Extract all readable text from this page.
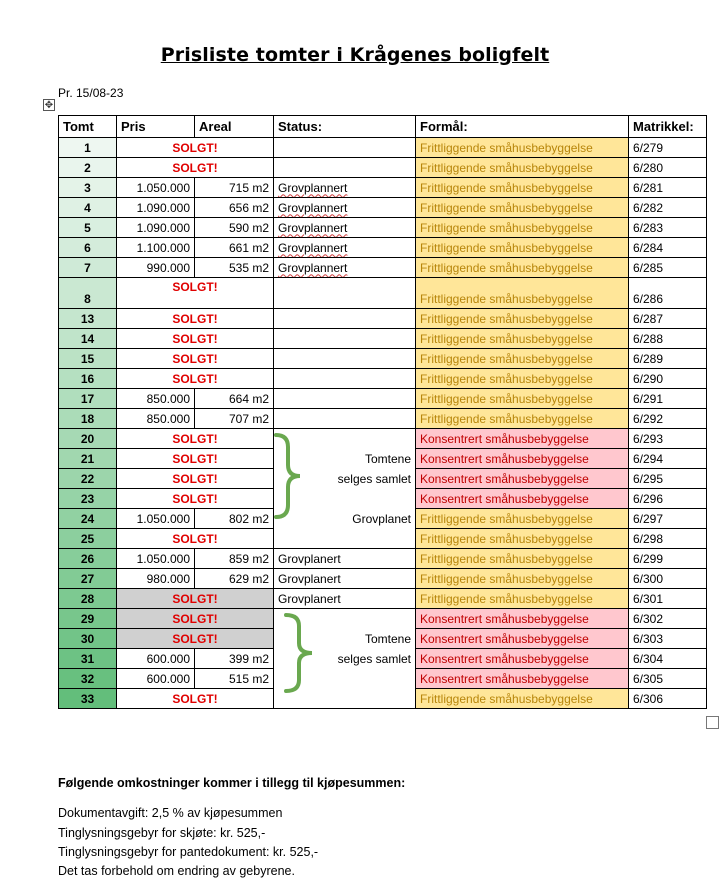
Prisliste tomter i Krågenes boligfelt
Pr. 15/08-23
✥
Tomt	Pris	Areal	Status:	Formål:	Matrikkel:
1	SOLGT!			Frittliggende småhusbebyggelse	6/279
2	SOLGT!			Frittliggende småhusbebyggelse	6/280
3	1.050.000	715 m2	Grovplannert	Frittliggende småhusbebyggelse	6/281
4	1.090.000	656 m2	Grovplannert	Frittliggende småhusbebyggelse	6/282
5	1.090.000	590 m2	Grovplannert	Frittliggende småhusbebyggelse	6/283
6	1.100.000	661 m2	Grovplannert	Frittliggende småhusbebyggelse	6/284
7	990.000	535 m2	Grovplannert	Frittliggende småhusbebyggelse	6/285
8	SOLGT!			Frittliggende småhusbebyggelse	6/286
13	SOLGT!			Frittliggende småhusbebyggelse	6/287
14	SOLGT!			Frittliggende småhusbebyggelse	6/288
15	SOLGT!			Frittliggende småhusbebyggelse	6/289
16	SOLGT!			Frittliggende småhusbebyggelse	6/290
17	850.000	664 m2		Frittliggende småhusbebyggelse	6/291
18	850.000	707 m2		Frittliggende småhusbebyggelse	6/292
20	SOLGT!			Konsentrert småhusbebyggelse	6/293
21	SOLGT!		Tomtene	Konsentrert småhusbebyggelse	6/294
22	SOLGT!		selges samlet	Konsentrert småhusbebyggelse	6/295
23	SOLGT!			Konsentrert småhusbebyggelse	6/296
24	1.050.000	802 m2	Grovplanet	Frittliggende småhusbebyggelse	6/297
25	SOLGT!			Frittliggende småhusbebyggelse	6/298
26	1.050.000	859 m2	Grovplanert	Frittliggende småhusbebyggelse	6/299
27	980.000	629 m2	Grovplanert	Frittliggende småhusbebyggelse	6/300
28	SOLGT!		Grovplanert	Frittliggende småhusbebyggelse	6/301
29	SOLGT!			Konsentrert småhusbebyggelse	6/302
30	SOLGT!		Tomtene	Konsentrert småhusbebyggelse	6/303
31	600.000	399 m2	selges samlet	Konsentrert småhusbebyggelse	6/304
32	600.000	515 m2		Konsentrert småhusbebyggelse	6/305
33	SOLGT!			Frittliggende småhusbebyggelse	6/306
Følgende omkostninger kommer i tillegg til kjøpesummen:
Dokumentavgift: 2,5 % av kjøpesummen
Tinglysningsgebyr for skjøte: kr. 525,-
Tinglysningsgebyr for pantedokument: kr. 525,-
Det tas forbehold om endring av gebyrene.
